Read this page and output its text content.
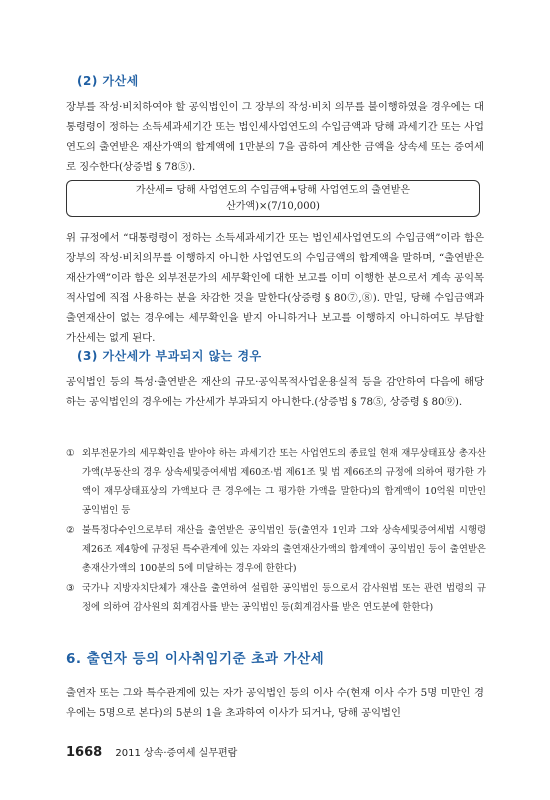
(2) 가산세

장부를 작성·비치하여야 할 공익법인이 그 장부의 작성·비치 의무를 불이행하였을 경우에는 대통령령이 정하는 소득세과세기간 또는 법인세사업연도의 수입금액과 당해 과세기간 또는 사업연도의 출연받은 재산가액의 합계액에 1만분의 7을 곱하여 계산한 금액을 상속세 또는 증여세로 징수한다(상증법 § 78⑤).

가산세= 당해 사업연도의 수입금액+당해 사업연도의 출연받은
산가액)×(7/10,000)

위 규정에서 “대통령령이 정하는 소득세과세기간 또는 법인세사업연도의 수입금액”이라 함은 장부의 작성·비치의무를 이행하지 아니한 사업연도의 수입금액의 합계액을 말하며, “출연받은 재산가액”이라 함은 외부전문가의 세무확인에 대한 보고를 이미 이행한 분으로서 계속 공익목적사업에 직접 사용하는 분을 차감한 것을 말한다(상증령 § 80⑦,⑧). 만일, 당해 수입금액과 출연재산이 없는 경우에는 세무확인을 받지 아니하거나 보고를 이행하지 아니하여도 부담할 가산세는 없게 된다.

(3) 가산세가 부과되지 않는 경우

공익법인 등의 특성·출연받은 재산의 규모·공익목적사업운용실적 등을 감안하여 다음에 해당하는 공익법인의 경우에는 가산세가 부과되지 아니한다.(상증법 § 78⑤, 상증령 § 80⑨).

① 외부전문가의 세무확인을 받아야 하는 과세기간 또는 사업연도의 종료일 현재 재무상태표상 총자산가액(부동산의 경우 상속세및증여세법 제60조·법 제61조 및 법 제66조의 규정에 의하여 평가한 가액이 재무상태표상의 가액보다 큰 경우에는 그 평가한 가액을 말한다)의 합계액이 10억원 미만인 공익법인 등
② 불특정다수인으로부터 재산을 출연받은 공익법인 등(출연자 1인과 그와 상속세및증여세법 시행령 제26조 제4항에 규정된 특수관계에 있는 자와의 출연재산가액의 합계액이 공익법인 등이 출연받은 총재산가액의 100분의 5에 미달하는 경우에 한한다)
③ 국가나 지방자치단체가 재산을 출연하여 설립한 공익법인 등으로서 감사원법 또는 관련 법령의 규정에 의하여 감사원의 회계검사를 받는 공익법인 등(회계검사를 받은 연도분에 한한다)
6. 출연자 등의 이사취임기준 초과 가산세

출연자 또는 그와 특수관계에 있는 자가 공익법인 등의 이사 수(현재 이사 수가 5명 미만인 경우에는 5명으로 본다)의 5분의 1을 초과하여 이사가 되거나, 당해 공익법인

1668 2011 상속·증여세 실무편람
